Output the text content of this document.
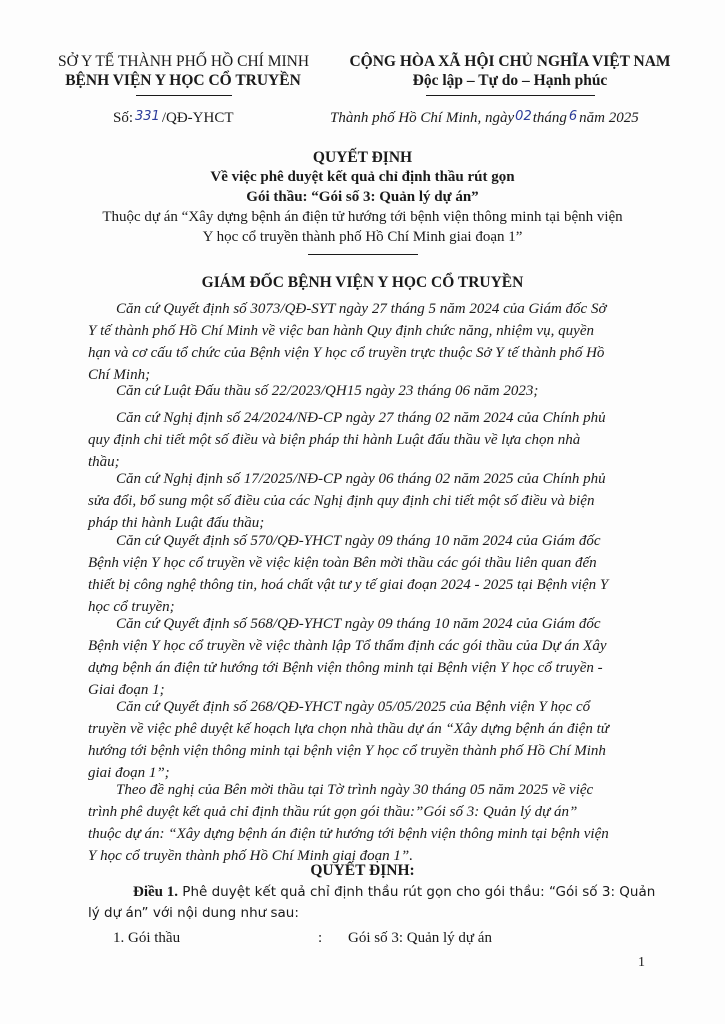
SỞ Y TẾ THÀNH PHỐ HỒ CHÍ MINH
BỆNH VIỆN Y HỌC CỔ TRUYỀN
CỘNG HÒA XÃ HỘI CHỦ NGHĨA VIỆT NAM
Độc lập – Tự do – Hạnh phúc
Số: 331 /QĐ-YHCT	Thành phố Hồ Chí Minh, ngày02tháng 6 năm 2025
QUYẾT ĐỊNH
Về việc phê duyệt kết quả chỉ định thầu rút gọn
Gói thầu: “Gói số 3: Quản lý dự án”
Thuộc dự án “Xây dựng bệnh án điện tử hướng tới bệnh viện thông minh tại bệnh viện
Y học cổ truyền thành phố Hồ Chí Minh giai đoạn 1”
GIÁM ĐỐC BỆNH VIỆN Y HỌC CỔ TRUYỀN
Căn cứ Quyết định số 3073/QĐ-SYT ngày 27 tháng 5 năm 2024 của Giám đốc Sở
Y tế thành phố Hồ Chí Minh về việc ban hành Quy định chức năng, nhiệm vụ, quyền
hạn và cơ cấu tổ chức của Bệnh viện Y học cổ truyền trực thuộc Sở Y tế thành phố Hồ
Chí Minh;
Căn cứ Luật Đấu thầu số 22/2023/QH15 ngày 23 tháng 06 năm 2023;
Căn cứ Nghị định số 24/2024/NĐ-CP ngày 27 tháng 02 năm 2024 của Chính phủ
quy định chi tiết một số điều và biện pháp thi hành Luật đấu thầu về lựa chọn nhà
thầu;
Căn cứ Nghị định số 17/2025/NĐ-CP ngày 06 tháng 02 năm 2025 của Chính phủ
sửa đổi, bổ sung một số điều của các Nghị định quy định chi tiết một số điều và biện
pháp thi hành Luật đấu thầu;
Căn cứ Quyết định số 570/QĐ-YHCT ngày 09 tháng 10 năm 2024 của Giám đốc
Bệnh viện Y học cổ truyền về việc kiện toàn Bên mời thầu các gói thầu liên quan đến
thiết bị công nghệ thông tin, hoá chất vật tư y tế giai đoạn 2024 - 2025 tại Bệnh viện Y
học cổ truyền;
Căn cứ Quyết định số 568/QĐ-YHCT ngày 09 tháng 10 năm 2024 của Giám đốc
Bệnh viện Y học cổ truyền về việc thành lập Tổ thẩm định các gói thầu của Dự án Xây
dựng bệnh án điện tử hướng tới Bệnh viện thông minh tại Bệnh viện Y học cổ truyền -
Giai đoạn 1;
Căn cứ Quyết định số 268/QĐ-YHCT ngày 05/05/2025 của Bệnh viện Y học cổ
truyền về việc phê duyệt kế hoạch lựa chọn nhà thầu dự án “Xây dựng bệnh án điện tử
hướng tới bệnh viện thông minh tại bệnh viện Y học cổ truyền thành phố Hồ Chí Minh
giai đoạn 1”;
Theo đề nghị của Bên mời thầu tại Tờ trình ngày 30 tháng 05 năm 2025 về việc
trình phê duyệt kết quả chỉ định thầu rút gọn gói thầu:”Gói số 3: Quản lý dự án”
thuộc dự án: “Xây dựng bệnh án điện tử hướng tới bệnh viện thông minh tại bệnh viện
Y học cổ truyền thành phố Hồ Chí Minh giai đoạn 1”.
QUYẾT ĐỊNH:
Điều 1. Phê duyệt kết quả chỉ định thầu rút gọn cho gói thầu: “Gói số 3: Quản
lý dự án” với nội dung như sau:
1. Gói thầu	: Gói số 3: Quản lý dự án
1
